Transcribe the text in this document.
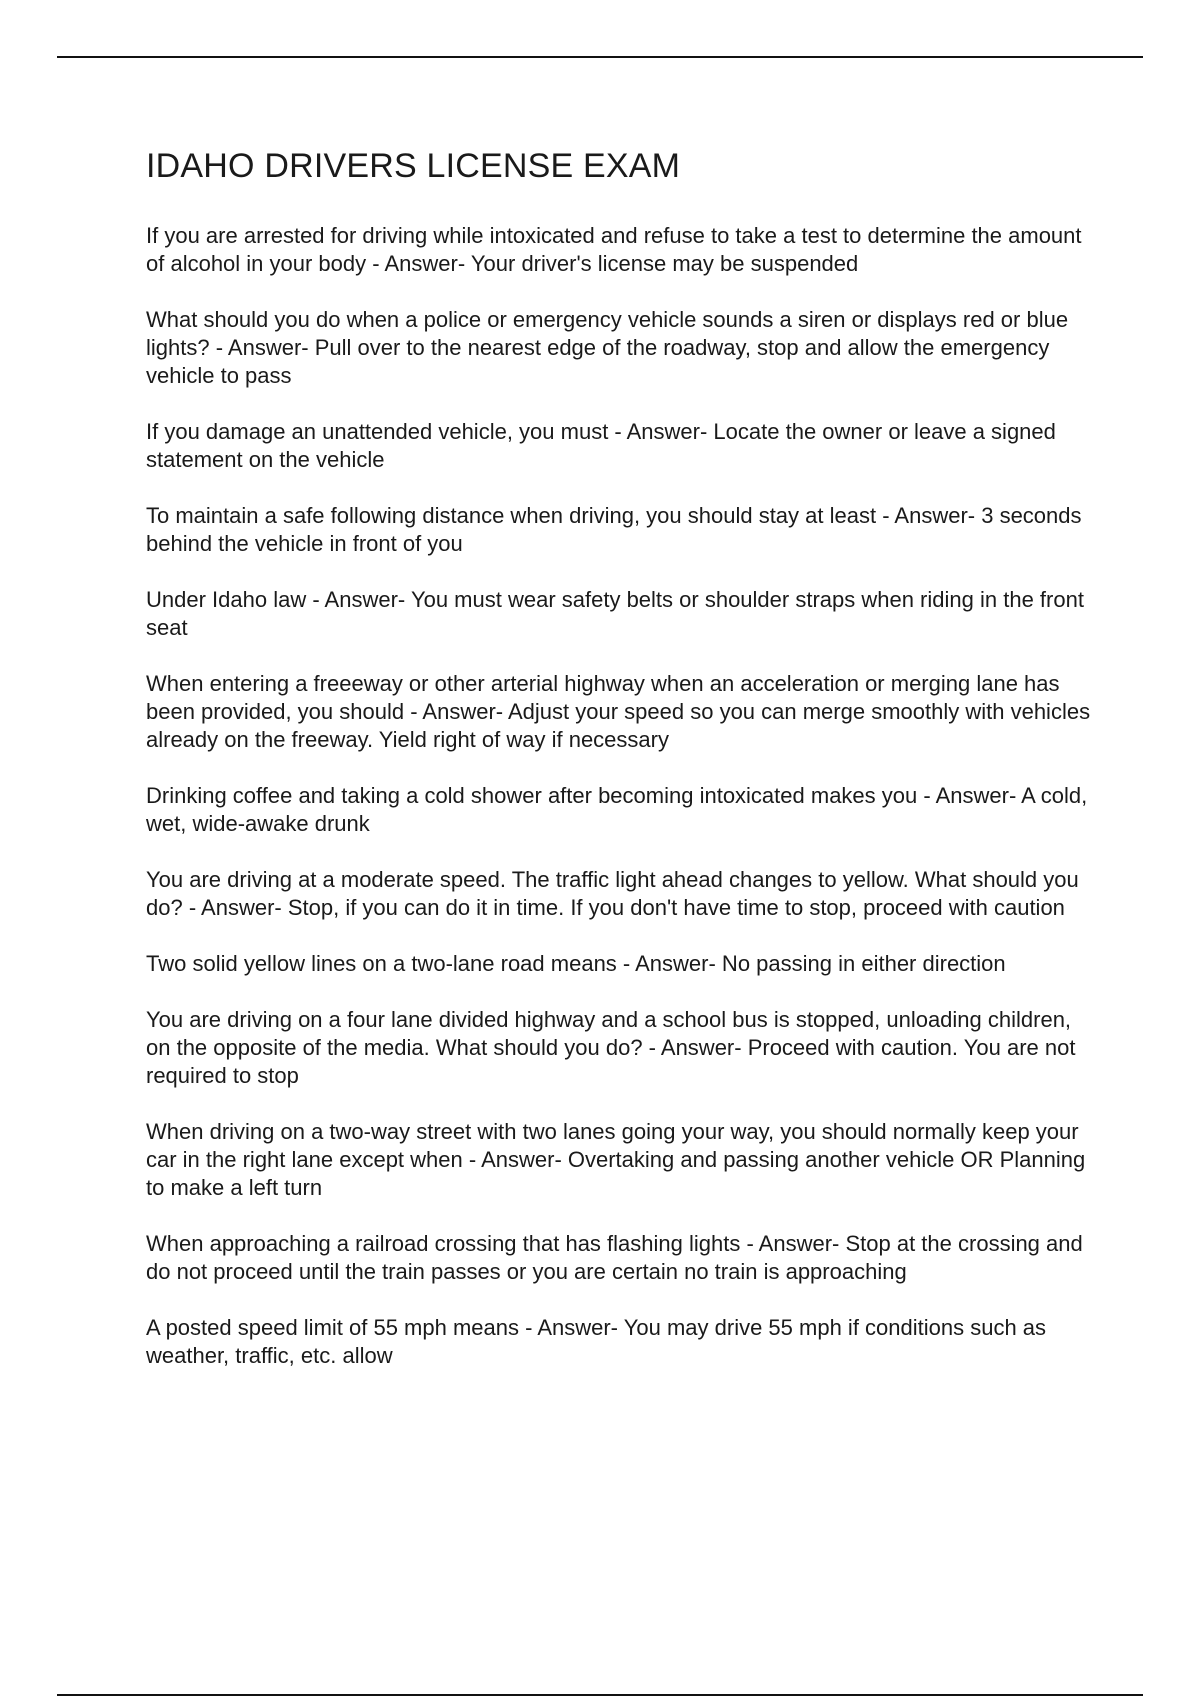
IDAHO DRIVERS LICENSE EXAM

If you are arrested for driving while intoxicated and refuse to take a test to determine the amount of alcohol in your body - Answer- Your driver's license may be suspended

What should you do when a police or emergency vehicle sounds a siren or displays red or blue lights? - Answer- Pull over to the nearest edge of the roadway, stop and allow the emergency vehicle to pass

If you damage an unattended vehicle, you must - Answer- Locate the owner or leave a signed statement on the vehicle

To maintain a safe following distance when driving, you should stay at least - Answer- 3 seconds behind the vehicle in front of you

Under Idaho law - Answer- You must wear safety belts or shoulder straps when riding in the front seat

When entering a freeeway or other arterial highway when an acceleration or merging lane has been provided, you should - Answer- Adjust your speed so you can merge smoothly with vehicles already on the freeway. Yield right of way if necessary

Drinking coffee and taking a cold shower after becoming intoxicated makes you - Answer- A cold, wet, wide-awake drunk

You are driving at a moderate speed. The traffic light ahead changes to yellow. What should you do? - Answer- Stop, if you can do it in time. If you don't have time to stop, proceed with caution

Two solid yellow lines on a two-lane road means - Answer- No passing in either direction

You are driving on a four lane divided highway and a school bus is stopped, unloading children, on the opposite of the media. What should you do? - Answer- Proceed with caution. You are not required to stop

When driving on a two-way street with two lanes going your way, you should normally keep your car in the right lane except when - Answer- Overtaking and passing another vehicle OR Planning to make a left turn

When approaching a railroad crossing that has flashing lights - Answer- Stop at the crossing and do not proceed until the train passes or you are certain no train is approaching

A posted speed limit of 55 mph means - Answer- You may drive 55 mph if conditions such as weather, traffic, etc. allow
